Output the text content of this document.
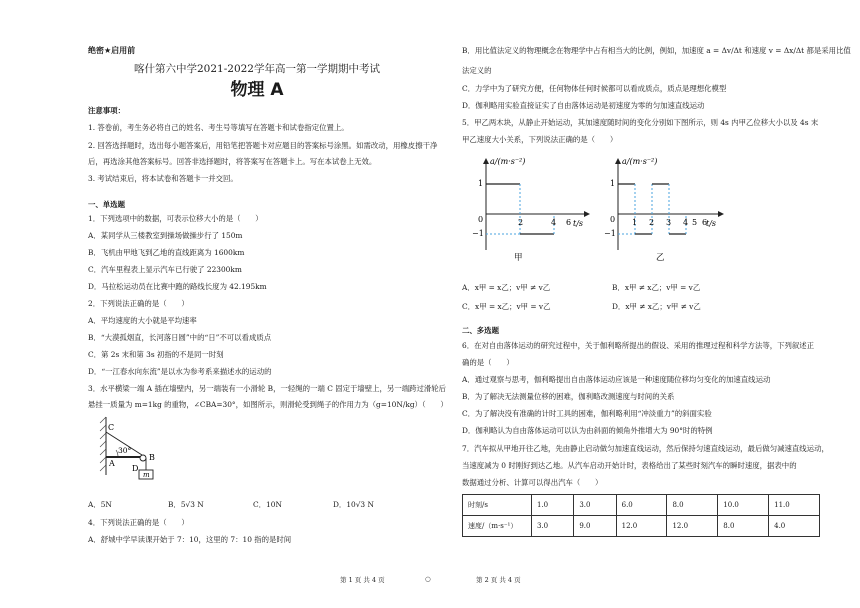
绝密★启用前
喀什第六中学2021-2022学年高一第一学期期中考试
物理 A
注意事项：
1. 答卷前，考生务必将自己的姓名、考生号等填写在答题卡和试卷指定位置上。
2. 回答选择题时，选出每小题答案后，用铅笔把答题卡对应题目的答案标号涂黑。如需改动，用橡皮擦干净
后，再选涂其他答案标号。回答非选择题时，将答案写在答题卡上。写在本试卷上无效。
3. 考试结束后，将本试卷和答题卡一并交回。
一、单选题
1．下列选项中的数据，可表示位移大小的是（　　）
A．某同学从三楼教室到操场做操步行了 150m
B．飞机由甲地飞到乙地的直线距离为 1600km
C．汽车里程表上显示汽车已行驶了 22300km
D．马拉松运动员在比赛中跑的路线长度为 42.195km
2．下列说法正确的是（　　）
A．平均速度的大小就是平均速率
B．“大漠孤烟直，长河落日圆”中的“日”不可以看成质点
C．第 2s 末和第 3s 初指的不是同一时刻
D．“一江春水向东流”是以水为参考系来描述水的运动的
3．水平横梁一端 A 插在墙壁内，另一端装有一小滑轮 B，一轻绳的一端 C 固定于墙壁上，另一端跨过滑轮后
悬挂一质量为 m=1kg 的重物，∠CBA=30°，如图所示，则滑轮受到绳子的作用力为（g=10N/kg）（　　）
C
A
B
D
m
30°
A．5N	B．5√3 N	C．10N	D．10√3 N
4．下列说法正确的是（　　）
A．舒城中学早读课开始于 7：10，这里的 7：10 指的是时间
B．用比值法定义的物理概念在物理学中占有相当大的比例，例如，加速度 a = Δv/Δt 和速度 v = Δx/Δt 都是采用比值
法定义的
C．力学中为了研究方便，任何物体任何时候都可以看成质点，质点是理想化模型
D．伽利略用实验直接证实了自由落体运动是初速度为零的匀加速直线运动
5．甲乙两木块，从静止开始运动，其加速度随时间的变化分别如下图所示，则 4s 内甲乙位移大小以及 4s 末
甲乙速度大小关系，下列说法正确的是（　　）
a/(m·s⁻²)
t/s
1
−1
0	2	4 6
甲
a/(m·s⁻²)
t/s
1
−1
0 1 2 3 4 5 6
乙
A．x甲 = x乙；v甲 ≠ v乙	B．x甲 ≠ x乙；v甲 = v乙
C．x甲 = x乙；v甲 = v乙	D．x甲 ≠ x乙；v甲 ≠ v乙
二、多选题
6．在对自由落体运动的研究过程中，关于伽利略所提出的假设、采用的推理过程和科学方法等，下列叙述正
确的是（　　）
A．通过观察与思考，伽利略提出自由落体运动应该是一种速度随位移均匀变化的加速直线运动
B．为了解决无法测量位移的困难，伽利略改测速度与时间的关系
C．为了解决没有准确的计时工具的困难，伽利略利用“冲淡重力”的斜面实验
D．伽利略认为自由落体运动可以认为由斜面的倾角外推增大为 90°时的特例
7．汽车拟从甲地开往乙地，先由静止启动做匀加速直线运动，然后保持匀速直线运动，最后做匀减速直线运动，
当速度减为 0 时刚好到达乙地。从汽车启动开始计时，表格给出了某些时刻汽车的瞬时速度，据表中的
数据通过分析、计算可以得出汽车（　　）
时刻/s	1.0	3.0	6.0	8.0	10.0	11.0
速度/（m·s⁻¹）	3.0	9.0	12.0	12.0	8.0	4.0
第 1 页 共 4 页	○	第 2 页 共 4 页
